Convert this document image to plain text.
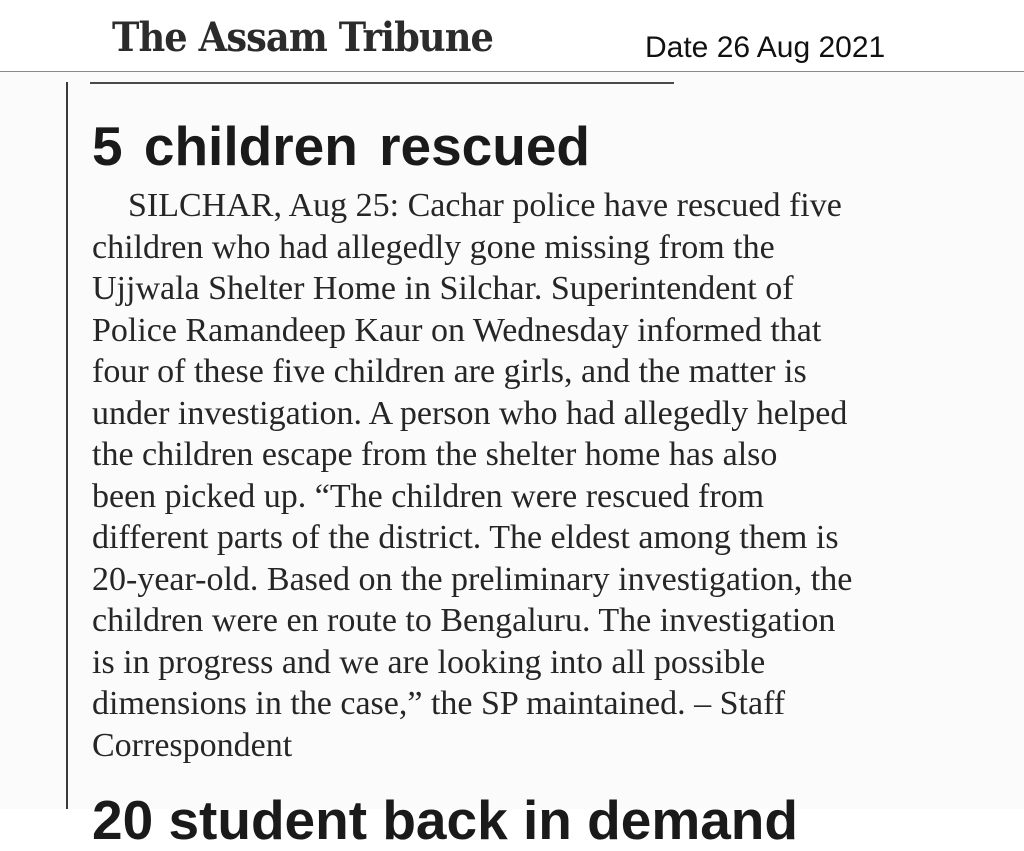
The Assam Tribune	Date 26 Aug 2021
5 children rescued
SILCHAR, Aug 25: Cachar police have rescued five
children who had allegedly gone missing from the
Ujjwala Shelter Home in Silchar. Superintendent of
Police Ramandeep Kaur on Wednesday informed that
four of these five children are girls, and the matter is
under investigation. A person who had allegedly helped
the children escape from the shelter home has also
been picked up. “The children were rescued from
different parts of the district. The eldest among them is
20-year-old. Based on the preliminary investigation, the
children were en route to Bengaluru. The investigation
is in progress and we are looking into all possible
dimensions in the case,” the SP maintained. – Staff
Correspondent
20 student back in demand
